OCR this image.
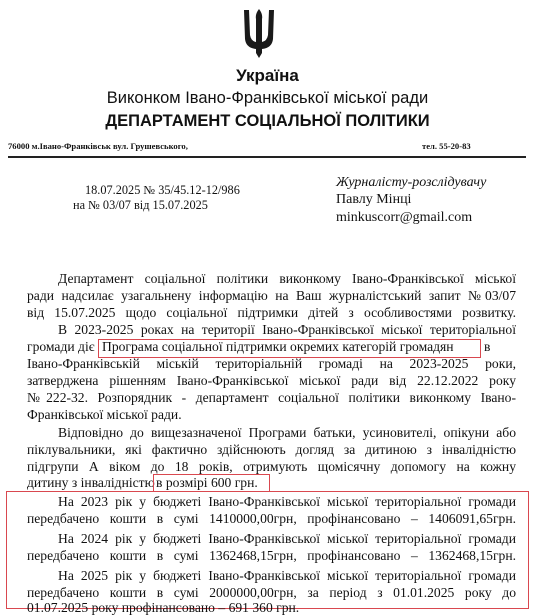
Україна
Виконком Івано-Франківської міської ради
ДЕПАРТАМЕНТ СОЦІАЛЬНОЇ ПОЛІТИКИ
76000 м.Івано-Франківськ вул. Грушевського,	тел. 55-20-83
18.07.2025 № 35/45.12-12/986
на № 03/07 від 15.07.2025
Журналісту-розслідувачу
Павлу Мінці
minkuscorr@gmail.com
Департамент соціальної політики виконкому Івано-Франківської міської
ради надсилає узагальнену інформацію на Ваш журналістський запит №03/07
від 15.07.2025 щодо соціальної підтримки дітей з особливостями розвитку.
В 2023-2025 роках на території Івано-Франківської міської територіальної
громади діє Програма соціальної підтримки окремих категорій громадян в
Івано-Франківській міській територіальній громаді на 2023-2025 роки,
затверджена рішенням Івано-Франківської міської ради від 22.12.2022 року
№222-32. Розпорядник - департамент соціальної політики виконкому Івано-
Франківської міської ради.
Відповідно до вищезазначеної Програми батьки, усиновителі, опікуни або
піклувальники, які фактично здійснюють догляд за дитиною з інвалідністю
підгрупи А віком до 18 років, отримують щомісячну допомогу на кожну
дитину з інвалідністю в розмірі 600 грн.
На 2023 рік у бюджеті Івано-Франківської міської територіальної громади
передбачено кошти в сумі 1410000,00грн, профінансовано – 1406091,65грн.
На 2024 рік у бюджеті Івано-Франківської міської територіальної громади
передбачено кошти в сумі 1362468,15грн, профінансовано – 1362468,15грн.
На 2025 рік у бюджеті Івано-Франківської міської територіальної громади
передбачено кошти в сумі 2000000,00грн, за період з 01.01.2025 року до
01.07.2025 року профінансовано – 691 360 грн.
